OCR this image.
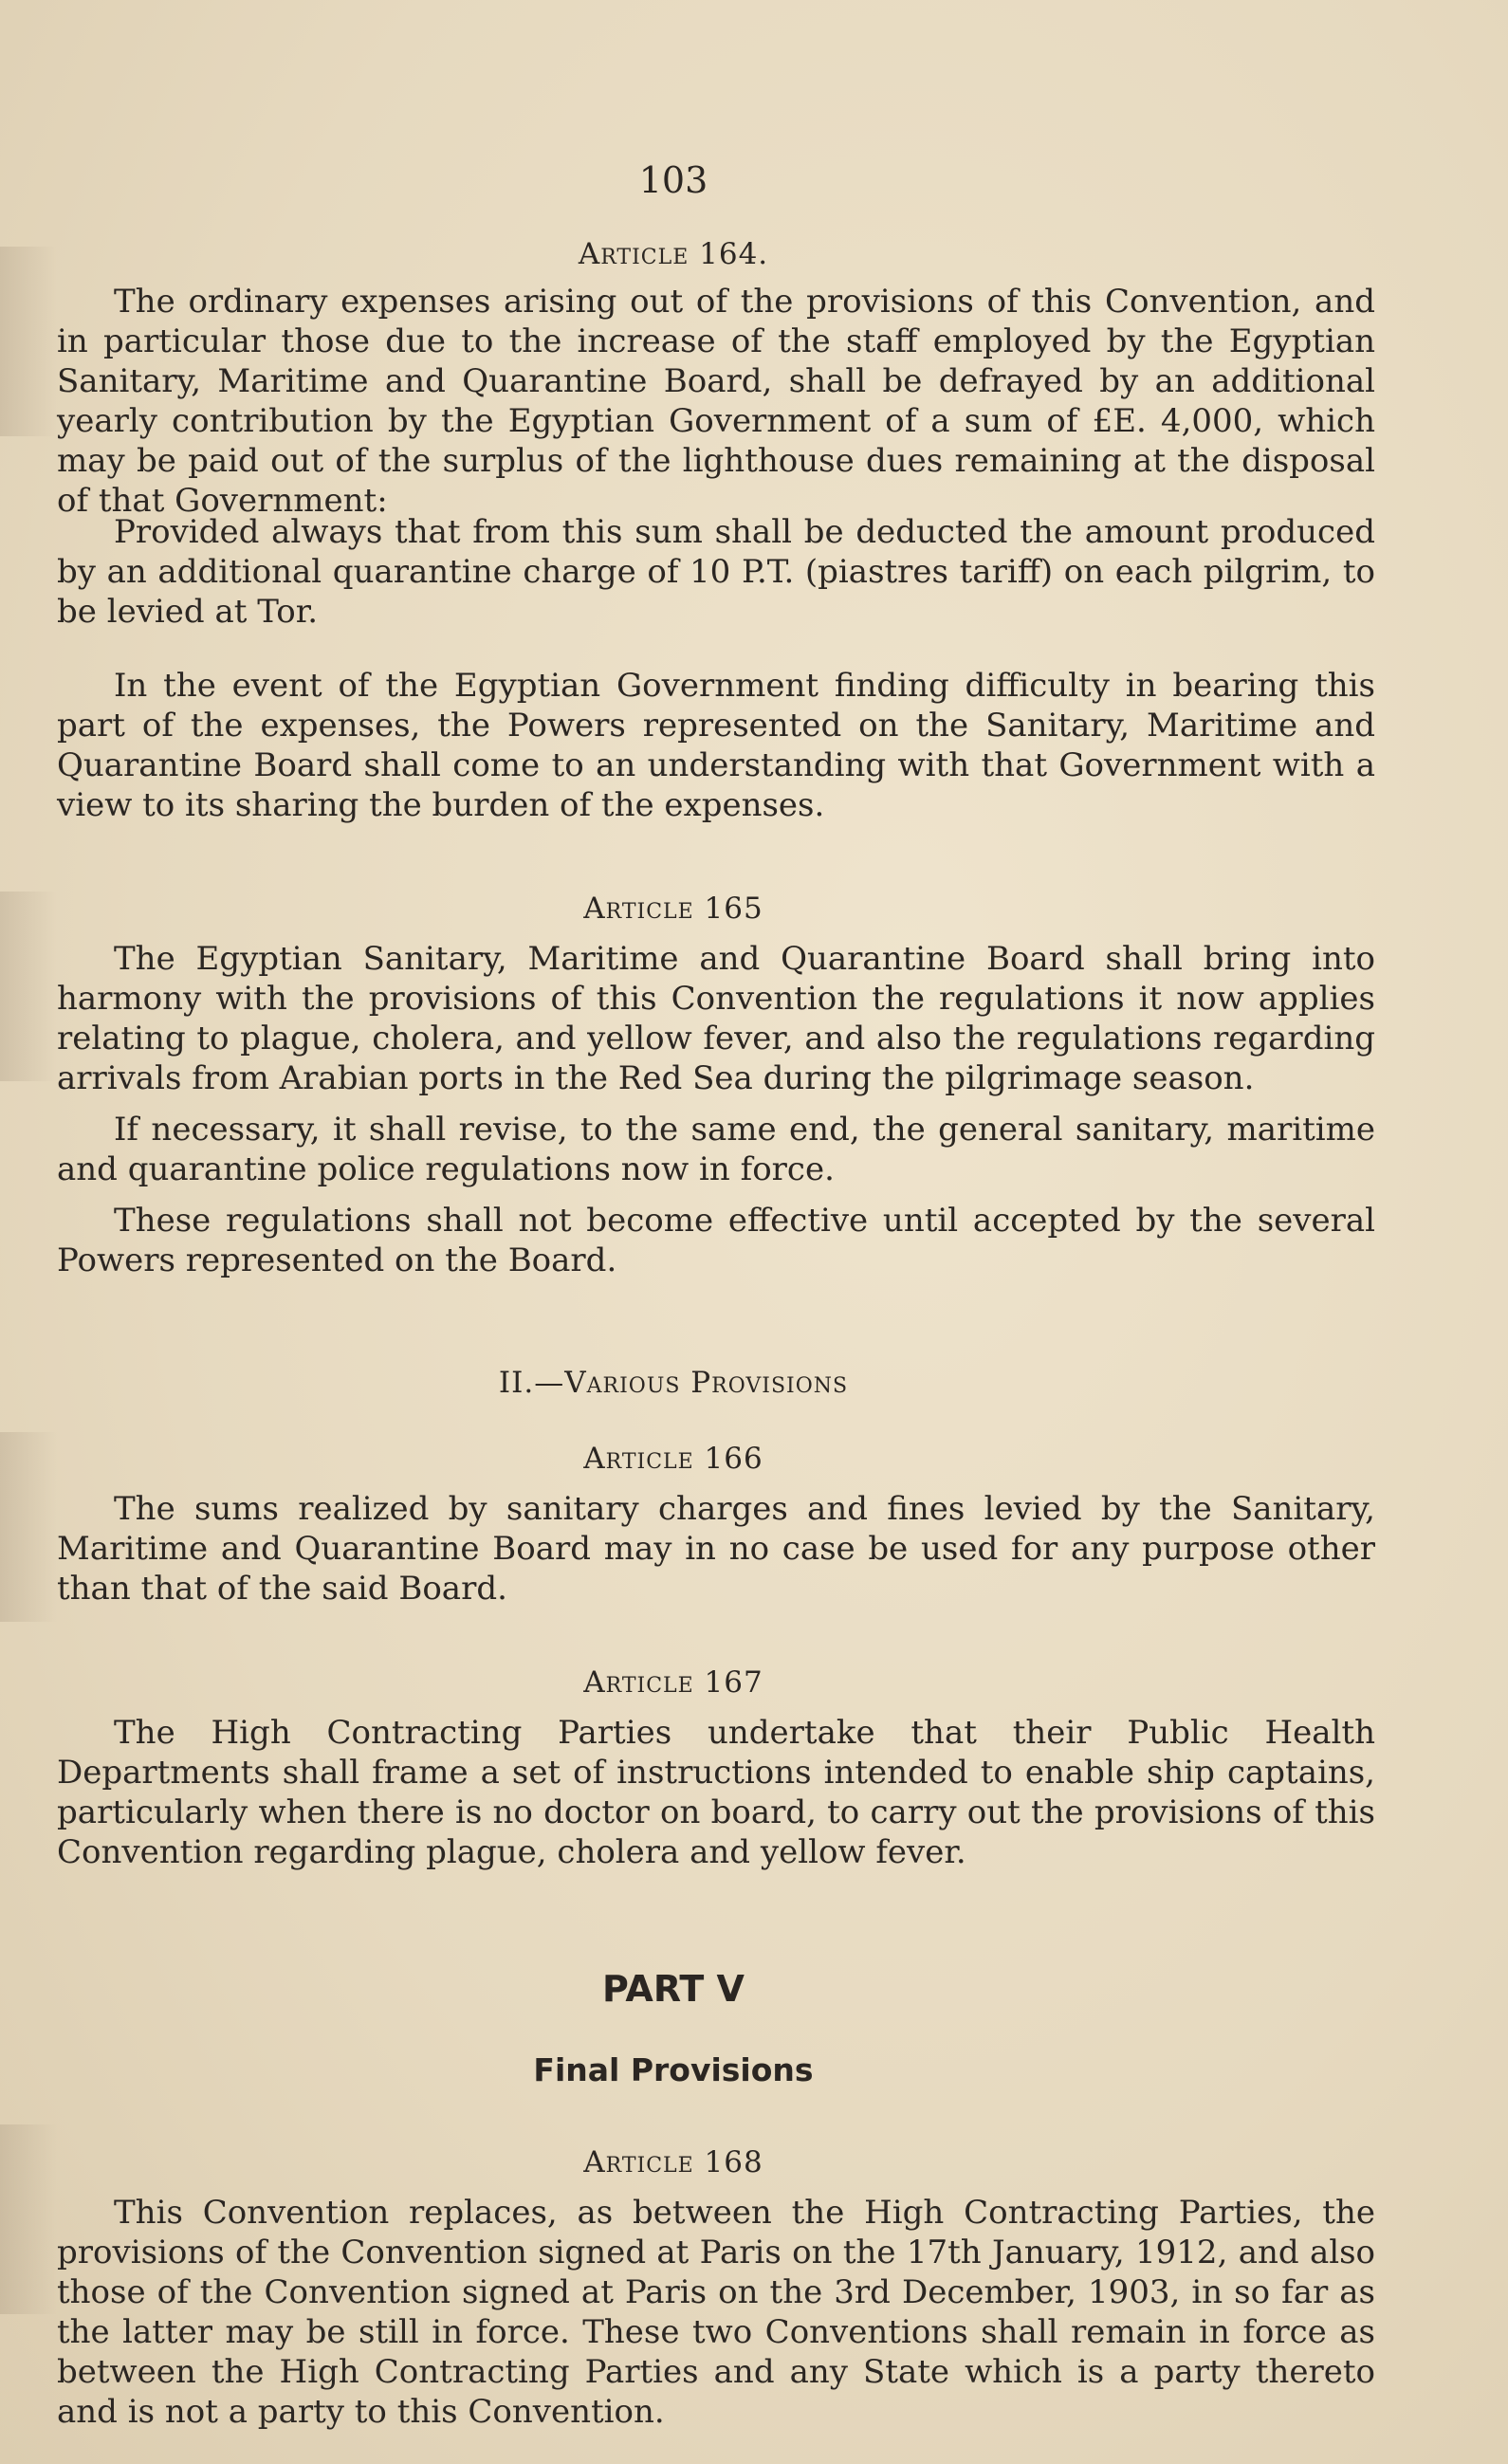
103
Article 164.

The ordinary expenses arising out of the provisions of this Convention, and in particular those due to the increase of the staff employed by the Egyptian Sanitary, Maritime and Quarantine Board, shall be defrayed by an additional yearly contribution by the Egyptian Government of a sum of £E. 4,000, which may be paid out of the surplus of the lighthouse dues remaining at the disposal of that Government:

Provided always that from this sum shall be deducted the amount produced by an additional quarantine charge of 10 P.T. (piastres tariff) on each pilgrim, to be levied at Tor.

In the event of the Egyptian Government finding difficulty in bearing this part of the expenses, the Powers represented on the Sanitary, Maritime and Quarantine Board shall come to an understanding with that Government with a view to its sharing the burden of the expenses.

Article 165

The Egyptian Sanitary, Maritime and Quarantine Board shall bring into harmony with the provisions of this Convention the regulations it now applies relating to plague, cholera, and yellow fever, and also the regulations regarding arrivals from Arabian ports in the Red Sea during the pilgrimage season.

If necessary, it shall revise, to the same end, the general sanitary, maritime and quarantine police regulations now in force.

These regulations shall not become effective until accepted by the several Powers represented on the Board.

II.—Various Provisions
Article 166

The sums realized by sanitary charges and fines levied by the Sanitary, Maritime and Quarantine Board may in no case be used for any purpose other than that of the said Board.

Article 167

The High Contracting Parties undertake that their Public Health Departments shall frame a set of instructions intended to enable ship captains, particularly when there is no doctor on board, to carry out the provisions of this Convention regarding plague, cholera and yellow fever.

PART V
Final Provisions
Article 168

This Convention replaces, as between the High Contracting Parties, the provisions of the Convention signed at Paris on the 17th January, 1912, and also those of the Convention signed at Paris on the 3rd December, 1903, in so far as the latter may be still in force. These two Conventions shall remain in force as between the High Contracting Parties and any State which is a party thereto and is not a party to this Convention.
